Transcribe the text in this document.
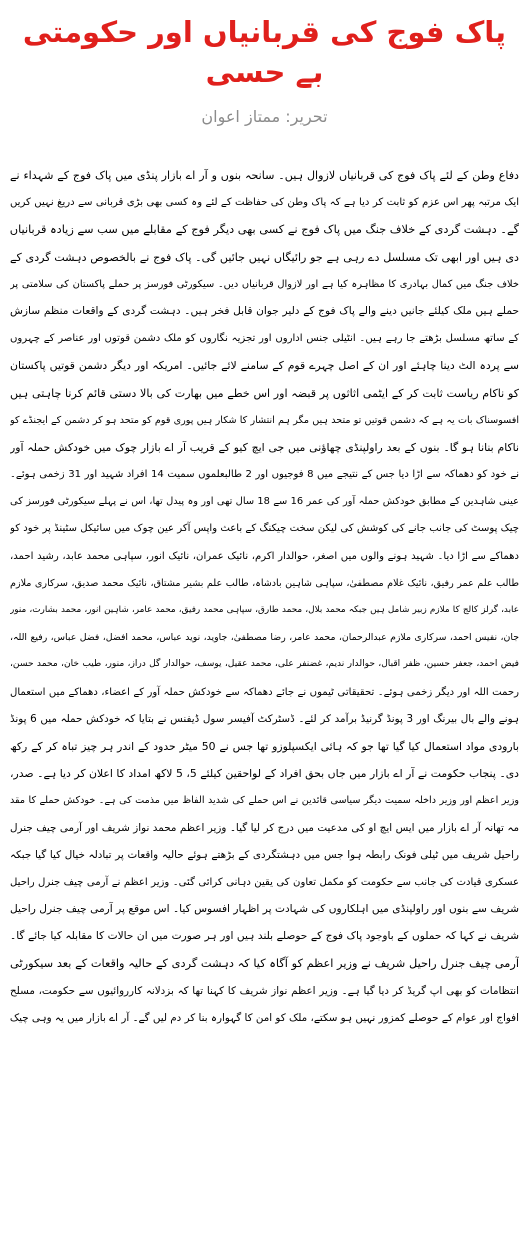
پاک فوج کی قربانیاں اور حکومتی بے حسی
تحریر: ممتاز اعوان
دفاع وطن کے لئے پاک فوج کی قربانیاں لازوال ہیں۔ سانحہ بنوں و آر اے بازار پنڈی میں پاک فوج کے شہداء نے
ایک مرتبہ پھر اس عزم کو ثابت کر دیا ہے کہ پاک وطن کی حفاظت کے لئے وہ کسی بھی بڑی قربانی سے دریغ نہیں کریں
گے۔ دہشت گردی کے خلاف جنگ میں پاک فوج نے کسی بھی دیگر فوج کے مقابلے میں سب سے زیادہ قربانیاں
دی ہیں اور ابھی تک مسلسل دے رہی ہے جو رائیگاں نہیں جائیں گی۔ پاک فوج نے بالخصوص دہشت گردی کے
خلاف جنگ میں کمال بہادری کا مظاہرہ کیا ہے اور لازوال قربانیاں دیں۔ سیکورٹی فورسز پر حملے پاکستان کی سلامتی پر
حملے ہیں ملک کیلئے جانیں دینے والے پاک فوج کے دلیر جوان قابل فخر ہیں۔ دہشت گردی کے واقعات منظم سازش
کے ساتھ مسلسل بڑھتے جا رہے ہیں۔ انٹیلی جنس اداروں اور تجزیہ نگاروں کو ملک دشمن قوتوں اور عناصر کے چہروں
سے پردہ الٹ دینا چاہئے اور ان کے اصل چہرے قوم کے سامنے لائے جائیں۔ امریکہ اور دیگر دشمن قوتیں پاکستان
کو ناکام ریاست ثابت کر کے ایٹمی اثاثوں پر قبضہ اور اس خطے میں بھارت کی بالا دستی قائم کرنا چاہتی ہیں
افسوسناک بات یہ ہے کہ دشمن قوتیں تو متحد ہیں مگر ہم انتشار کا شکار ہیں پوری قوم کو متحد ہو کر دشمن کے ایجنڈے کو
ناکام بنانا ہو گا۔ بنوں کے بعد راولپنڈی چھاؤنی میں جی ایچ کیو کے قریب آر اے بازار چوک میں خودکش حملہ آور
نے خود کو دھماکہ سے اڑا دیا جس کے نتیجے میں 8 فوجیوں اور 2 طالبعلموں سمیت 14 افراد شہید اور 31 زخمی ہوئے۔
عینی شاہدین کے مطابق خودکش حملہ آور کی عمر 16 سے 18 سال تھی اور وہ پیدل تھا، اس نے پہلے سیکورٹی فورسز کی
چیک پوسٹ کی جانب جانے کی کوشش کی لیکن سخت چیکنگ کے باعث واپس آکر عین چوک میں سائیکل سٹینڈ پر خود کو
دھماکے سے اڑا دیا۔ شہید ہونے والوں میں اصغر، حوالدار اکرم، نائیک عمران، نائیک انور، سپاہی محمد عابد، رشید احمد،
طالب علم عمر رفیق، نائیک غلام مصطفیٰ، سپاہی شاہین بادشاہ، طالب علم بشیر مشتاق، نائیک محمد صدیق، سرکاری ملازم
عابد، گرلز کالج کا ملازم زبیر شامل ہیں جبکہ محمد بلال، محمد طارق، سپاہی محمد رفیق، محمد عامر، شاہین انور، محمد بشارت، منور
جان، نفیس احمد، سرکاری ملازم عبدالرحمان، محمد عامر، رضا مصطفیٰ، جاوید، نوید عباس، محمد افضل، فضل عباس، رفیع اللہ،
فیض احمد، جعفر حسین، ظفر اقبال، حوالدار ندیم، غضنفر علی، محمد عقیل، یوسف، حوالدار گل دراز، منور، طیب خان، محمد حسن،
رحمت اللہ اور دیگر زخمی ہوئے۔ تحقیقاتی ٹیموں نے جائے دھماکہ سے خودکش حملہ آور کے اعضاء، دھماکے میں استعمال
ہونے والے بال بیرنگ اور 3 پونڈ گرنیڈ برآمد کر لئے۔ ڈسٹرکٹ آفیسر سول ڈیفنس نے بتایا کہ خودکش حملہ میں 6 پونڈ
بارودی مواد استعمال کیا گیا تھا جو کہ ہائی ایکسپلوزو تھا جس نے 50 میٹر حدود کے اندر ہر چیز تباہ کر کے رکھ
دی۔ پنجاب حکومت نے آر اے بازار میں جاں بحق افراد کے لواحقین کیلئے 5، 5 لاکھ امداد کا اعلان کر دیا ہے۔ صدر،
وزیر اعظم اور وزیر داخلہ سمیت دیگر سیاسی قائدین نے اس حملے کی شدید الفاظ میں مذمت کی ہے۔ خودکش حملے کا مقد
مہ تھانہ آر اے بازار میں ایس ایچ او کی مدعیت میں درج کر لیا گیا۔ وزیر اعظم محمد نواز شریف اور آرمی چیف جنرل
راحیل شریف میں ٹیلی فونک رابطہ ہوا جس میں دہشتگردی کے بڑھتے ہوئے حالیہ واقعات پر تبادلہ خیال کیا گیا جبکہ
عسکری قیادت کی جانب سے حکومت کو مکمل تعاون کی یقین دہانی کرائی گئی۔ وزیر اعظم نے آرمی چیف جنرل راحیل
شریف سے بنوں اور راولپنڈی میں اہلکاروں کی شہادت پر اظہار افسوس کیا۔ اس موقع پر آرمی چیف جنرل راحیل
شریف نے کہا کہ حملوں کے باوجود پاک فوج کے حوصلے بلند ہیں اور ہر صورت میں ان حالات کا مقابلہ کیا جائے گا۔
آرمی چیف جنرل راحیل شریف نے وزیر اعظم کو آگاہ کیا کہ دہشت گردی کے حالیہ واقعات کے بعد سیکورٹی
انتظامات کو بھی اپ گریڈ کر دیا گیا ہے۔ وزیر اعظم نواز شریف کا کہنا تھا کہ بزدلانہ کارروائیوں سے حکومت، مسلح
افواج اور عوام کے حوصلے کمزور نہیں ہو سکتے، ملک کو امن کا گہوارہ بنا کر دم لیں گے۔ آر اے بازار میں یہ وہی چیک
